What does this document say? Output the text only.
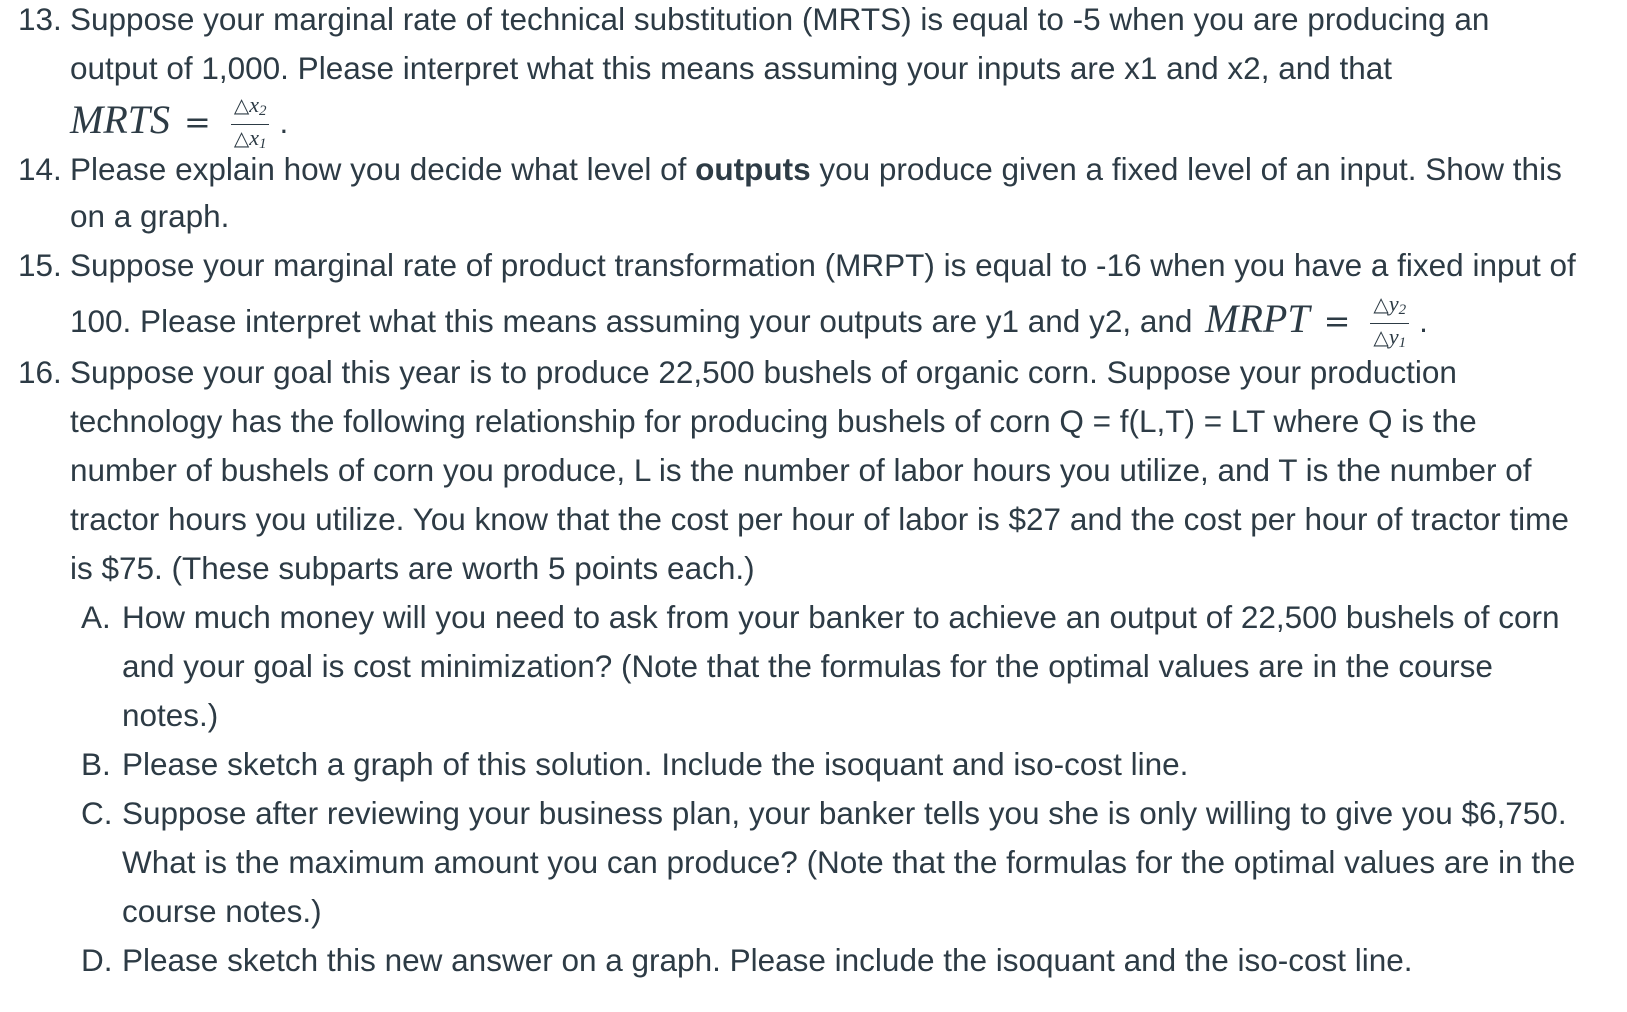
13. Suppose your marginal rate of technical substitution (MRTS) is equal to -5 when you are producing an
output of 1,000. Please interpret what this means assuming your inputs are x1 and x2, and that
MRTS = $\frac{\triangle x_2}{\triangle x_1}$ .
14. Please explain how you decide what level of outputs you produce given a fixed level of an input. Show this
on a graph.
15. Suppose your marginal rate of product transformation (MRPT) is equal to -16 when you have a fixed input of
100. Please interpret what this means assuming your outputs are y1 and y2, and MRPT = $\frac{\triangle y_2}{\triangle y_1}$ .
16. Suppose your goal this year is to produce 22,500 bushels of organic corn. Suppose your production
technology has the following relationship for producing bushels of corn Q = f(L,T) = LT where Q is the
number of bushels of corn you produce, L is the number of labor hours you utilize, and T is the number of
tractor hours you utilize. You know that the cost per hour of labor is $27 and the cost per hour of tractor time
is $75. (These subparts are worth 5 points each.)
A. How much money will you need to ask from your banker to achieve an output of 22,500 bushels of corn
and your goal is cost minimization? (Note that the formulas for the optimal values are in the course
notes.)
B. Please sketch a graph of this solution. Include the isoquant and iso-cost line.
C. Suppose after reviewing your business plan, your banker tells you she is only willing to give you $6,750.
What is the maximum amount you can produce? (Note that the formulas for the optimal values are in the
course notes.)
D. Please sketch this new answer on a graph. Please include the isoquant and the iso-cost line.
